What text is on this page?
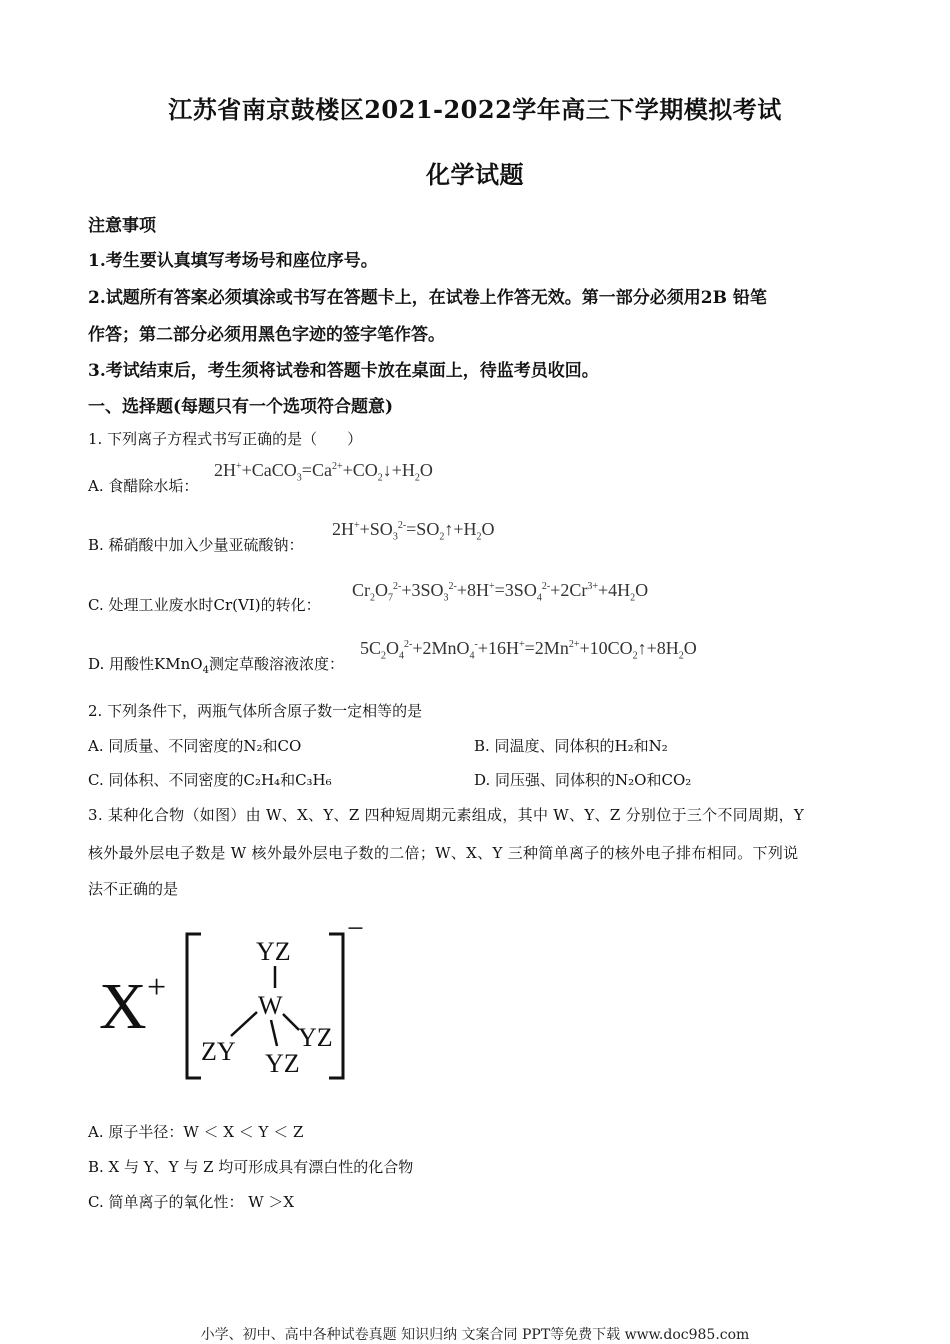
江苏省南京鼓楼区2021-2022学年高三下学期模拟考试
化学试题
注意事项
1.考生要认真填写考场号和座位序号。
2.试题所有答案必须填涂或书写在答题卡上，在试卷上作答无效。第一部分必须用2B 铅笔
作答；第二部分必须用黑色字迹的签字笔作答。
3.考试结束后，考生须将试卷和答题卡放在桌面上，待监考员收回。
一、选择题(每题只有一个选项符合题意)
1. 下列离子方程式书写正确的是（　　）
A. 食醋除水垢：
$2H^++CaCO_3=Ca^{2+}+CO_2↓+H_2O$
B. 稀硝酸中加入少量亚硫酸钠：
$2H^++SO_3^{2-}=SO_2↑+H_2O$
C. 处理工业废水时Cr(VI)的转化：
$Cr_2O_7^{2-}+3SO_3^{2-}+8H^+=3SO_4^{2-}+2Cr^{3+}+4H_2O$
D. 用酸性KMnO$_4$测定草酸溶液浓度：
$5C_2O_4^{2-}+2MnO_4^-+16H^+=2Mn^{2+}+10CO_2↑+8H_2O$
2. 下列条件下，两瓶气体所含原子数一定相等的是
A. 同质量、不同密度的N₂和CO	B. 同温度、同体积的H₂和N₂
C. 同体积、不同密度的C₂H₄和C₃H₆	D. 同压强、同体积的N₂O和CO₂
3. 某种化合物（如图）由 W、X、Y、Z 四种短周期元素组成，其中 W、Y、Z 分别位于三个不同周期，Y
核外最外层电子数是 W 核外最外层电子数的二倍；W、X、Y 三种简单离子的核外电子排布相同。下列说
法不正确的是
X +
−
YZ
W
ZY YZ
YZ
A. 原子半径：W ＜ X ＜ Y ＜ Z
B. X 与 Y、Y 与 Z 均可形成具有漂白性的化合物
C. 简单离子的氧化性： W ＞X
小学、初中、高中各种试卷真题 知识归纳 文案合同 PPT等免费下载 www.doc985.com
